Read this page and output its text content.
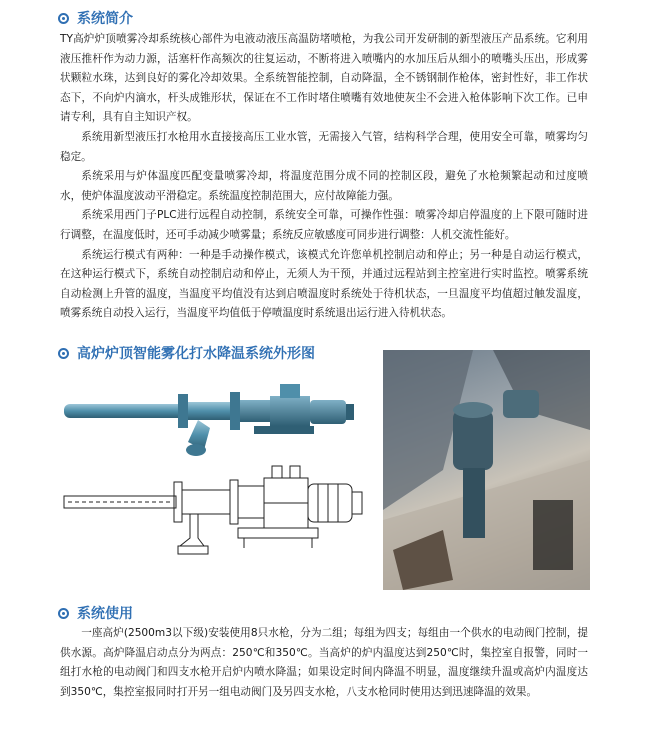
系统简介

TY高炉炉顶喷雾冷却系统核心部件为电液动液压高温防堵喷枪，为我公司开发研制的新型液压产品系统。它利用液压推杆作为动力源，活塞杆作高频次的往复运动，不断将进入喷嘴内的水加压后从细小的喷嘴头压出，形成雾状颗粒水珠，达到良好的雾化冷却效果。全系统智能控制，自动降温，全不锈钢制作枪体，密封性好，非工作状态下，不向炉内滴水，杆头成锥形状，保证在不工作时堵住喷嘴有效地使灰尘不会进入枪体影响下次工作。已申请专利，具有自主知识产权。

系统用新型液压打水枪用水直接接高压工业水管，无需接入气管，结构科学合理，使用安全可靠，喷雾均匀稳定。

系统采用与炉体温度匹配变量喷雾冷却，将温度范围分成不同的控制区段，避免了水枪频繁起动和过度喷水，使炉体温度波动平滑稳定。系统温度控制范围大，应付故障能力强。

系统采用西门子PLC进行远程自动控制，系统安全可靠，可操作性强：喷雾冷却启停温度的上下限可随时进行调整，在温度低时，还可手动减少喷雾量；系统反应敏感度可同步进行调整：人机交流性能好。

系统运行模式有两种：一种是手动操作模式，该模式允许您单机控制启动和停止；另一种是自动运行模式，在这种运行模式下，系统自动控制启动和停止，无须人为干预，并通过远程站到主控室进行实时监控。喷雾系统自动检测上升管的温度，当温度平均值没有达到启喷温度时系统处于待机状态，一旦温度平均值超过触发温度，喷雾系统自动投入运行，当温度平均值低于停喷温度时系统退出运行进入待机状态。

高炉炉顶智能雾化打水降温系统外形图
系统使用

一座高炉(2500m3以下级)安装使用8只水枪，分为二组；每组为四支；每组由一个供水的电动阀门控制，提供水源。高炉降温启动点分为两点：250℃和350℃。当高炉的炉内温度达到250℃时，集控室自报警，同时一组打水枪的电动阀门和四支水枪开启炉内喷水降温；如果设定时间内降温不明显，温度继续升温或高炉内温度达到350℃，集控室报同时打开另一组电动阀门及另四支水枪，八支水枪同时使用达到迅速降温的效果。
